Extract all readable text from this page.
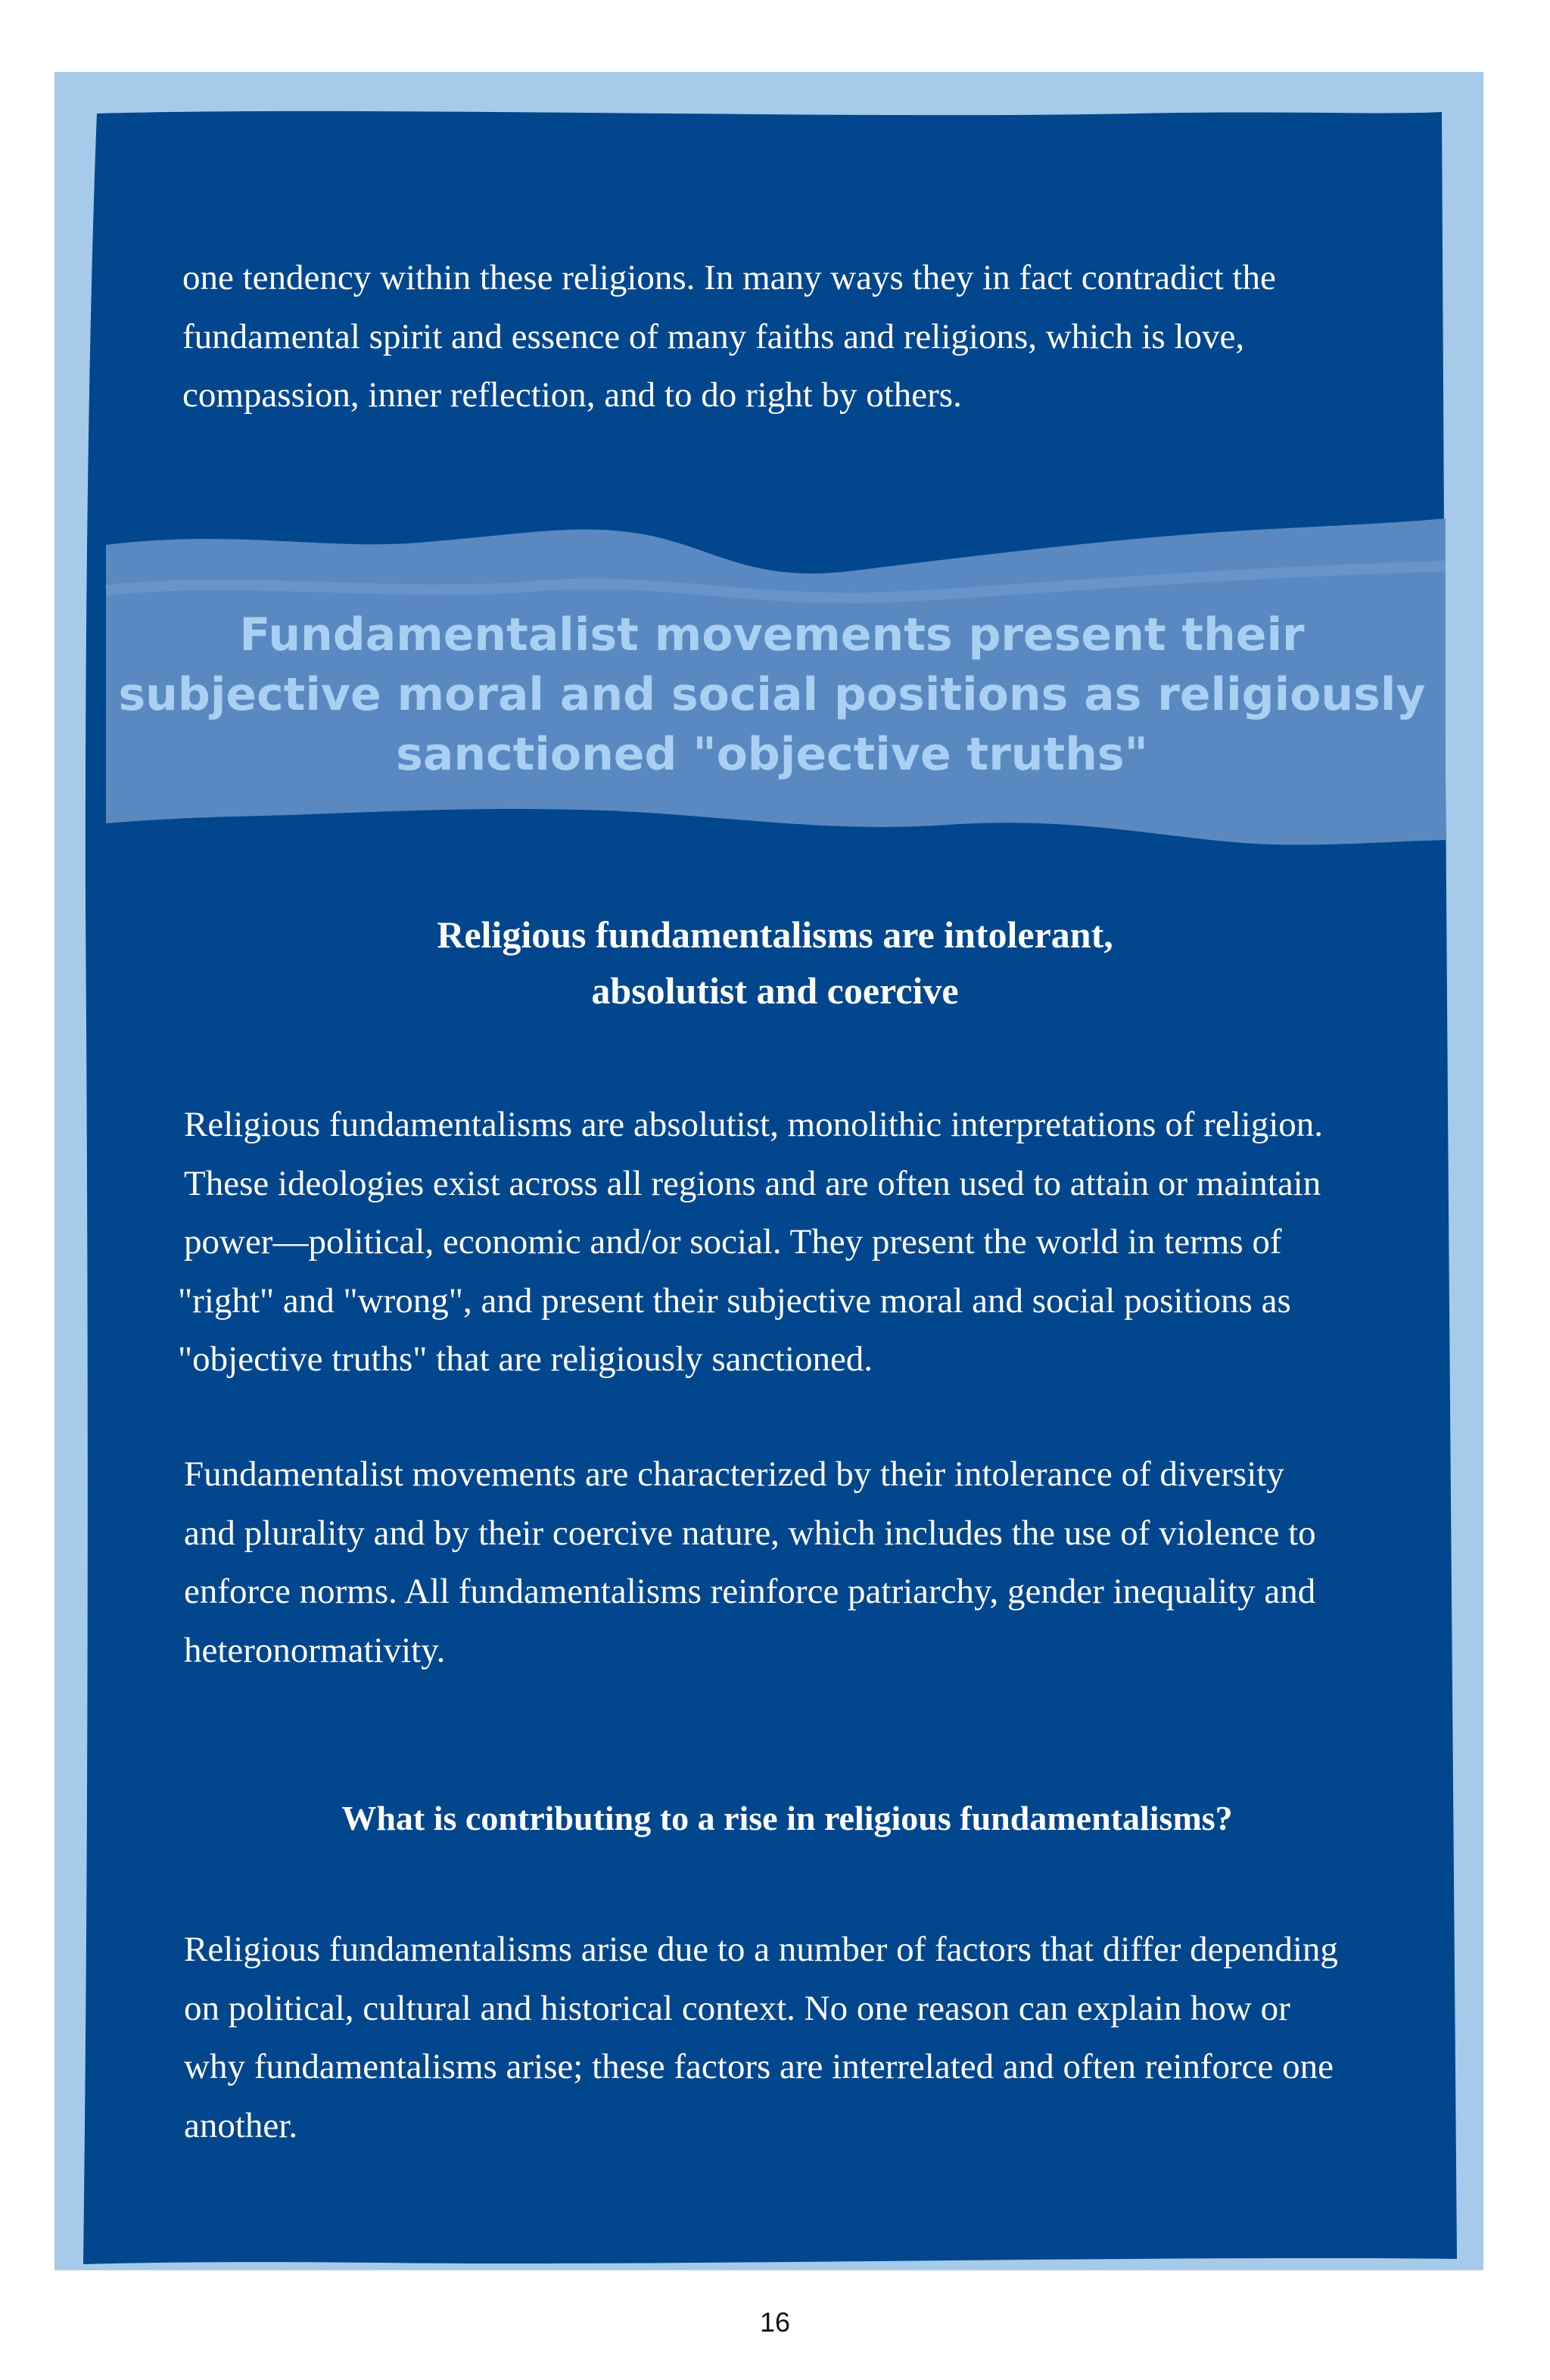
one tendency within these religions. In many ways they in fact contradict the
fundamental spirit and essence of many faiths and religions, which is love,
compassion, inner reflection, and to do right by others.
Fundamentalist movements present their
subjective moral and social positions as religiously
sanctioned "objective truths"
Religious fundamentalisms are intolerant,
absolutist and coercive
Religious fundamentalisms are absolutist, monolithic interpretations of religion.
These ideologies exist across all regions and are often used to attain or maintain
power—political, economic and/or social. They present the world in terms of
"right" and "wrong", and present their subjective moral and social positions as
"objective truths" that are religiously sanctioned.
Fundamentalist movements are characterized by their intolerance of diversity
and plurality and by their coercive nature, which includes the use of violence to
enforce norms. All fundamentalisms reinforce patriarchy, gender inequality and
heteronormativity.
What is contributing to a rise in religious fundamentalisms?
Religious fundamentalisms arise due to a number of factors that differ depending
on political, cultural and historical context. No one reason can explain how or
why fundamentalisms arise; these factors are interrelated and often reinforce one
another.
16
